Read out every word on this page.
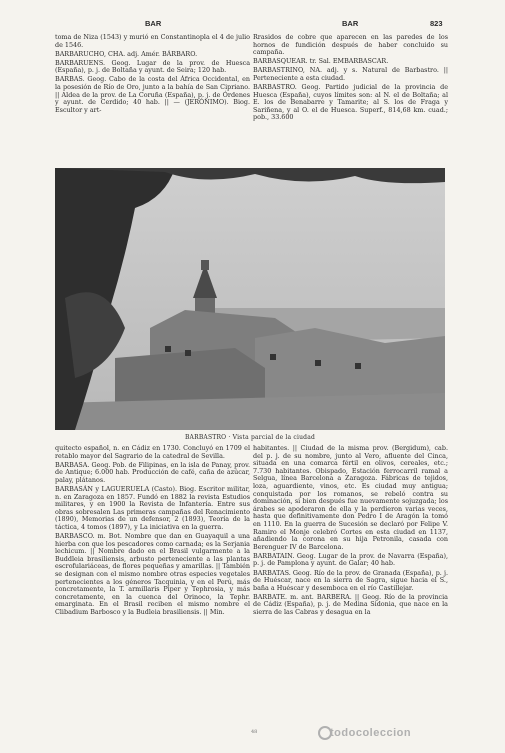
BAR	BAR	823

toma de Niza (1543) y murió en Constantinopla el 4 de julio de 1546.

BARBARUCHO, CHA. adj. Amér. BÁRBARO.

BARBARUENS. Geog. Lugar de la prov. de Huesca (España), p. j. de Boltaña y ayunt. de Seira; 120 hab.

BARBAS. Geog. Cabo de la costa del África Occidental, en la posesión de Río de Oro, junto a la bahía de San Cipriano. || Aldea de la prov. de La Coruña (España), p. j. de Órdenes y ayunt. de Cerdido; 40 hab. || — (JERÓNIMO). Biog. Escultor y art-

Rrasidos de cobre que aparecen en las paredes de los hornos de fundición después de haber concluido su campaña.

BARBASQUEAR. tr. Sal. EMBARBASCAR.

BARBASTRINO, NA. adj. y s. Natural de Barbastro. || Perteneciente a esta ciudad.

BARBASTRO. Geog. Partido judicial de la provincia de Huesca (España), cuyos límites son: al N. el de Boltaña; al E. los de Benabarre y Tamarite; al S. los de Fraga y Sariñena, y al O. el de Huesca. Superf., 814,68 km. cuad.; pob., 33.600

BARBASTRO · Vista parcial de la ciudad

quitecto español, n. en Cádiz en 1730. Concluyó en 1709 el retablo mayor del Sagrario de la catedral de Sevilla.

BARBASA. Geog. Pob. de Filipinas, en la isla de Panay, prov. de Antique; 6.000 hab. Producción de café, caña de azúcar, palay, plátanos.

BARBASÁN y LAGUERUELA (Casto). Biog. Escritor militar, n. en Zaragoza en 1857. Fundó en 1882 la revista Estudios militares, y en 1900 la Revista de Infantería. Entre sus obras sobresalen Las primeras campañas del Renacimiento (1890), Memorias de un defensor, 2 (1893), Teoría de la táctica, 4 tomos (1897), y La iniciativa en la guerra.

BARBASCO. m. Bot. Nombre que dan en Guayaquil a una hierba con que los pescadores como carnada; es la Serjania lechicum. || Nombre dado en el Brasil vulgarmente a la Buddleia brasiliensis, arbusto perteneciente a las plantas escrofulariáceas, de flores pequeñas y amarillas. || También se designan con el mismo nombre otras especies vegetales pertenecientes a los géneros Tacquinia, y en el Perú, más concretamente, la T. armillaris Piper y Tephrosia, y más concretamente, en la cuenca del Orinoco, la Tephr. emarginata. En el Brasil reciben el mismo nombre el Clibadium Barbosco y la Budleia brasiliensis. || Min.

habitantes. || Ciudad de la misma prov. (Bergidum), cab. del p. j. de su nombre, junto al Vero, afluente del Cinca, situada en una comarca fértil en olivos, cereales, etc.; 7.730 habitantes. Obispado, Estación ferrocarril ramal a Selgua, línea Barcelona a Zaragoza. Fábricas de tejidos, loza, aguardiente, vinos, etc. Es ciudad muy antigua; conquistada por los romanos, se rebeló contra su dominación, si bien después fue nuevamente sojuzgada; los árabes se apoderaron de ella y la perdieron varias veces, hasta que definitivamente don Pedro I de Aragón la tomó en 1110. En la guerra de Sucesión se declaró por Felipe V. Ramiro el Monje celebró Cortes en esta ciudad en 1137, añadiendo la corona en su hija Petronila, casada con Berenguer IV de Barcelona.

BARBATAIN. Geog. Lugar de la prov. de Navarra (España), p. j. de Pamplona y ayunt. de Galar; 40 hab.

BARBATAS. Geog. Río de la prov. de Granada (España), p. j. de Huéscar, nace en la sierra de Sagra, sigue hacia el S., baña a Huéscar y desemboca en el río Castillejar.

BARBATE. m. ant. BARBERA. || Geog. Río de la provincia de Cádiz (España), p. j. de Medina Sidonia, que nace en la sierra de las Cabras y desagua en la

48	todocoleccion
